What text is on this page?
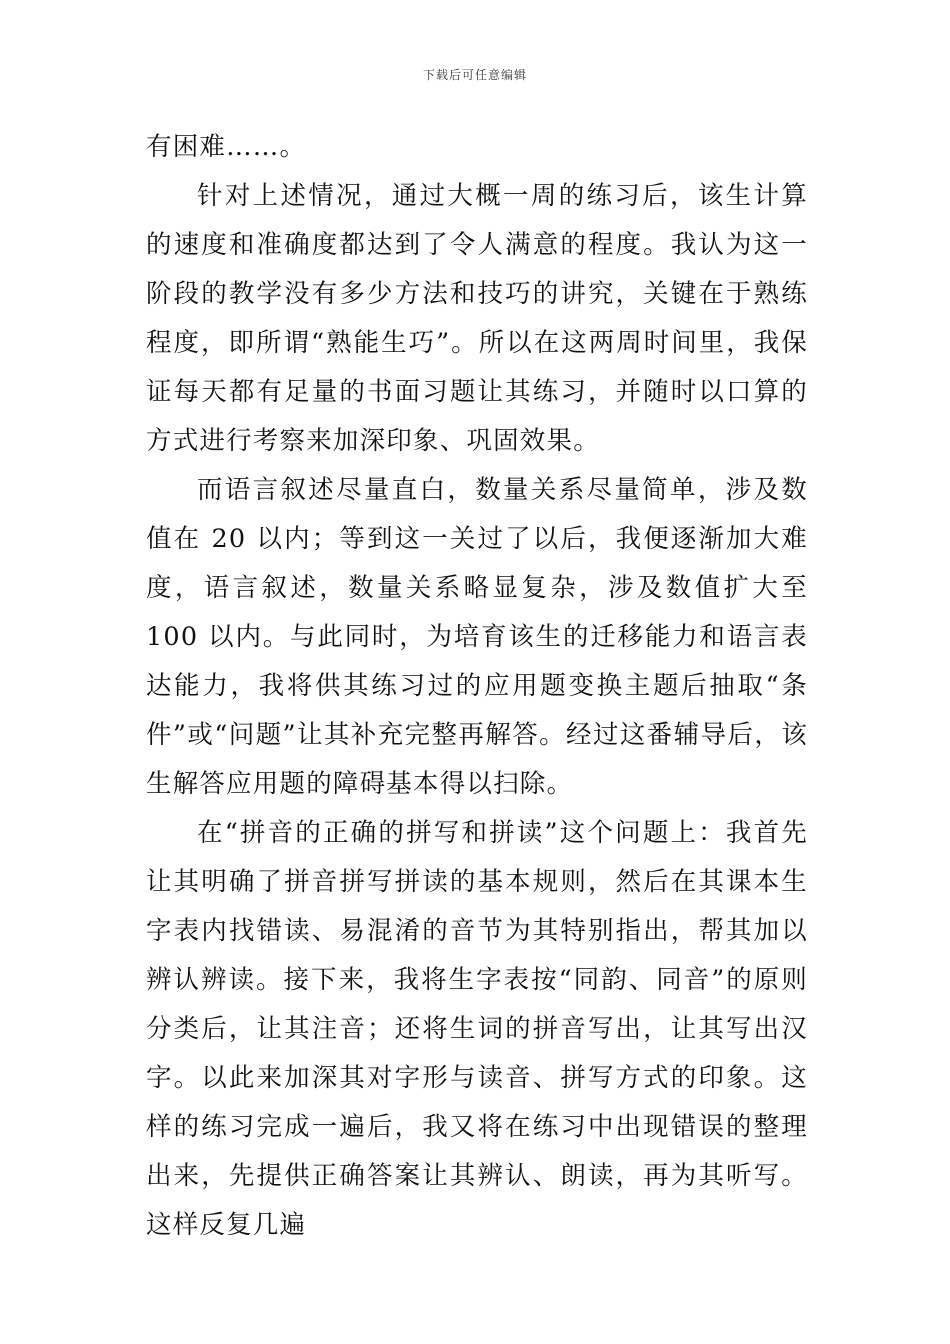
下载后可任意编辑

有困难……。

针对上述情况，通过大概一周的练习后，该生计算的速度和准确度都达到了令人满意的程度。我认为这一阶段的教学没有多少方法和技巧的讲究，关键在于熟练程度，即所谓“熟能生巧”。所以在这两周时间里，我保证每天都有足量的书面习题让其练习，并随时以口算的方式进行考察来加深印象、巩固效果。

而语言叙述尽量直白，数量关系尽量简单，涉及数值在 20 以内；等到这一关过了以后，我便逐渐加大难度，语言叙述，数量关系略显复杂，涉及数值扩大至 100 以内。与此同时，为培育该生的迁移能力和语言表达能力，我将供其练习过的应用题变换主题后抽取“条件”或“问题”让其补充完整再解答。经过这番辅导后，该生解答应用题的障碍基本得以扫除。

在“拼音的正确的拼写和拼读”这个问题上：我首先让其明确了拼音拼写拼读的基本规则，然后在其课本生字表内找错读、易混淆的音节为其特别指出，帮其加以辨认辨读。接下来，我将生字表按“同韵、同音”的原则分类后，让其注音；还将生词的拼音写出，让其写出汉字。以此来加深其对字形与读音、拼写方式的印象。这样的练习完成一遍后，我又将在练习中出现错误的整理出来，先提供正确答案让其辨认、朗读，再为其听写。这样反复几遍
